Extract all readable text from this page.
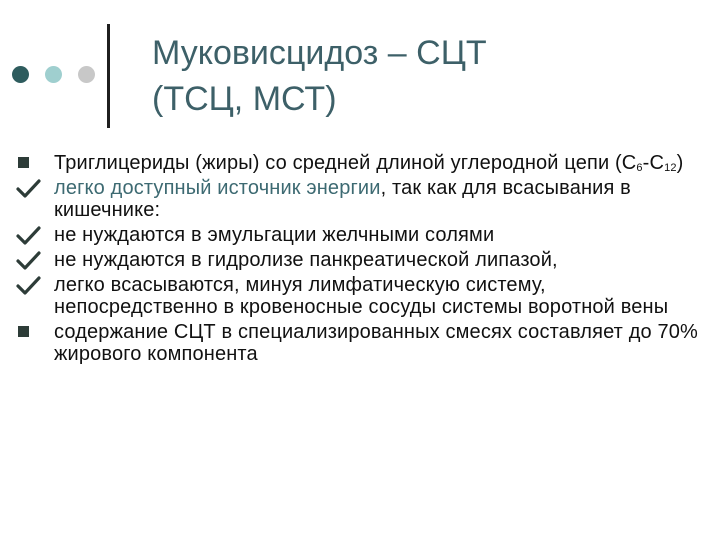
Муковисцидоз – СЦТ
(ТСЦ, МСТ)
Триглицериды (жиры) со средней длиной углеродной цепи $(С_6-С_{12})$
легко доступный источник энергии, так как для всасывания в кишечнике:
не нуждаются в эмульгации желчными солями
не нуждаются в гидролизе панкреатической липазой,
легко всасываются, минуя лимфатическую систему, непосредственно в кровеносные сосуды системы воротной вены
содержание СЦТ в специализированных смесях составляет до 70% жирового компонента
